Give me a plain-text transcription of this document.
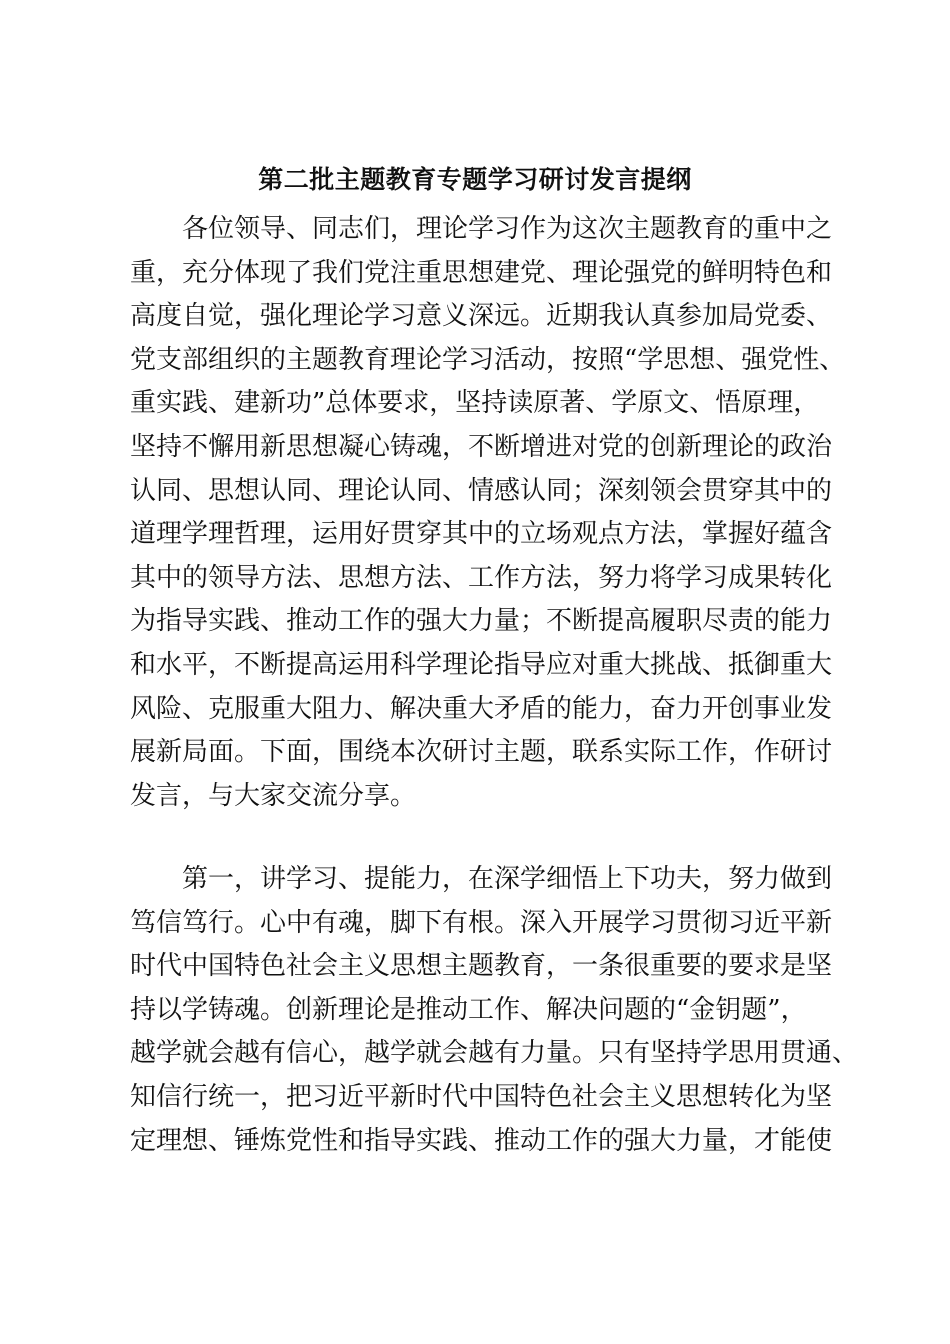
第二批主题教育专题学习研讨发言提纲
各位领导、同志们，理论学习作为这次主题教育的重中之
重，充分体现了我们党注重思想建党、理论强党的鲜明特色和
高度自觉，强化理论学习意义深远。近期我认真参加局党委、
党支部组织的主题教育理论学习活动，按照“学思想、强党性、
重实践、建新功”总体要求，坚持读原著、学原文、悟原理，
坚持不懈用新思想凝心铸魂，不断增进对党的创新理论的政治
认同、思想认同、理论认同、情感认同；深刻领会贯穿其中的
道理学理哲理，运用好贯穿其中的立场观点方法，掌握好蕴含
其中的领导方法、思想方法、工作方法，努力将学习成果转化
为指导实践、推动工作的强大力量；不断提高履职尽责的能力
和水平，不断提高运用科学理论指导应对重大挑战、抵御重大
风险、克服重大阻力、解决重大矛盾的能力，奋力开创事业发
展新局面。下面，围绕本次研讨主题，联系实际工作，作研讨
发言，与大家交流分享。
第一，讲学习、提能力，在深学细悟上下功夫，努力做到
笃信笃行。心中有魂，脚下有根。深入开展学习贯彻习近平新
时代中国特色社会主义思想主题教育，一条很重要的要求是坚
持以学铸魂。创新理论是推动工作、解决问题的“金钥题”，
越学就会越有信心，越学就会越有力量。只有坚持学思用贯通、
知信行统一，把习近平新时代中国特色社会主义思想转化为坚
定理想、锤炼党性和指导实践、推动工作的强大力量，才能使
